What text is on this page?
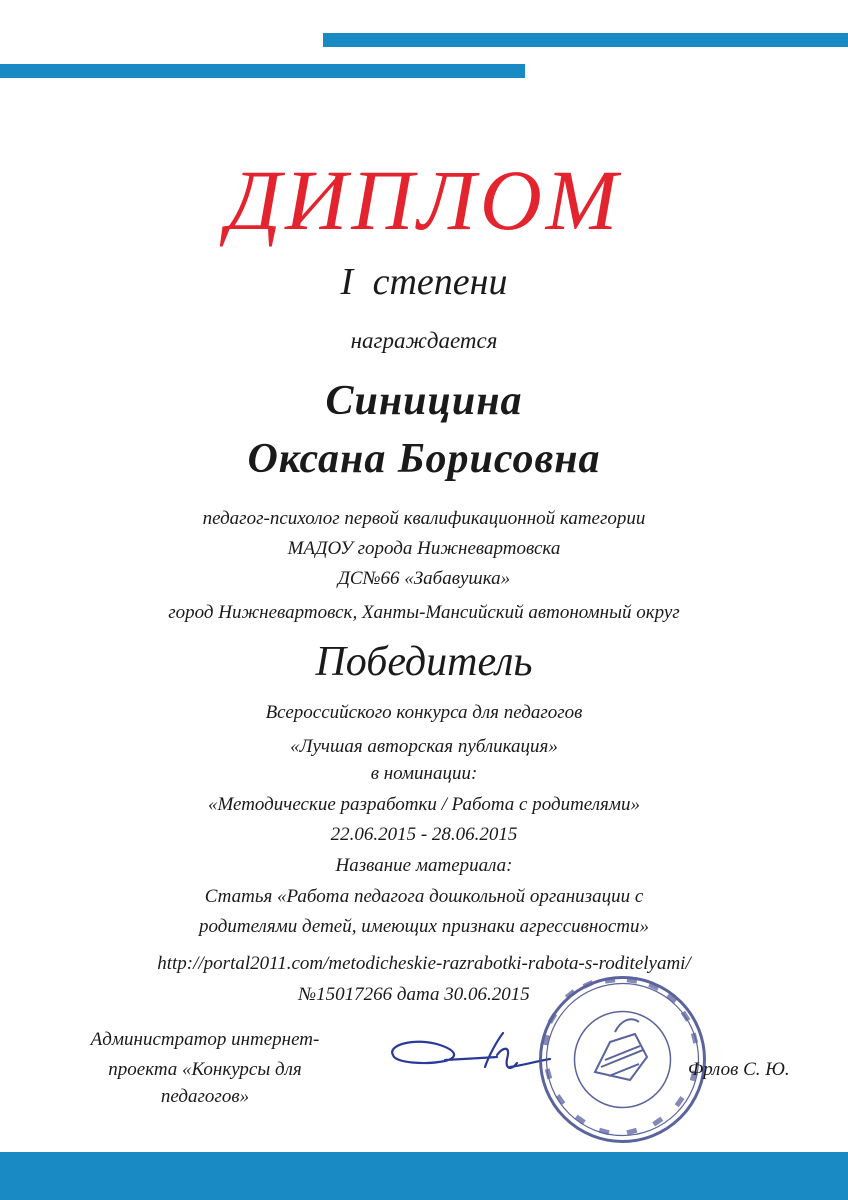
ДИПЛОМ
I степени
награждается
Синицина
Оксана Борисовна
педагог-психолог первой квалификационной категории
МАДОУ города Нижневартовска
ДС№66 «Забавушка»
город Нижневартовск, Ханты-Мансийский автономный округ
Победитель
Всероссийского конкурса для педагогов
«Лучшая авторская публикация»
в номинации:
«Методические разработки / Работа с родителями»
22.06.2015 - 28.06.2015
Название материала:
Статья «Работа педагога дошкольной организации с
родителями детей, имеющих признаки агрессивности»
http://portal2011.com/metodicheskie-razrabotki-rabota-s-roditelyami/
№15017266 дата 30.06.2015
Администратор интернет-
проекта «Конкурсы для
педагогов»
Фрлов С. Ю.
